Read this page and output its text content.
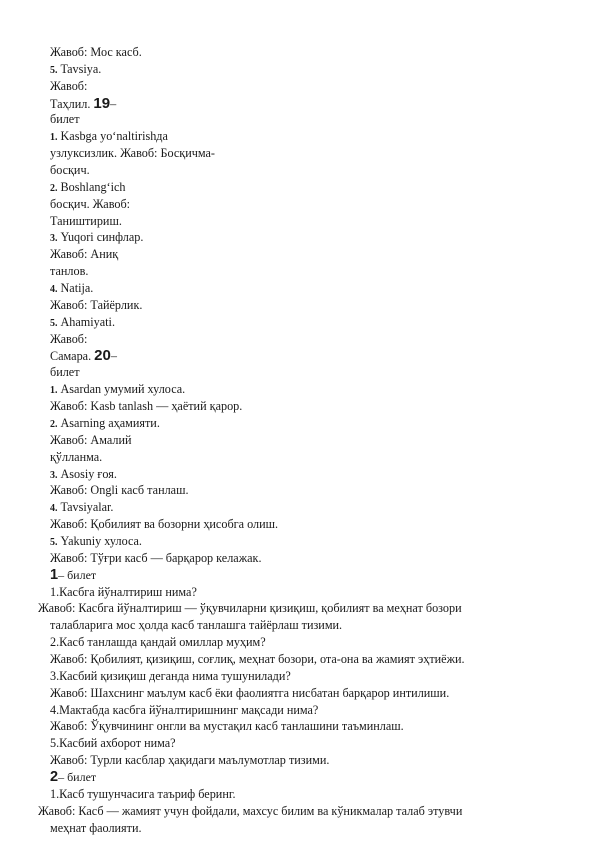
Жавоб: Мос касб.
5. Tavsiya.
Жавоб:
Таҳлил. 19–
билет
1. Kasbga yo‘naltirishда
узлуксизлик. Жавоб: Босқичма-
босқич.
2. Boshlang‘ich
босқич. Жавоб:
Таништириш.
3. Yuqori синфлар.
Жавоб: Аниқ
танлов.
4. Natija.
Жавоб: Тайёрлик.
5. Ahamiyati.
Жавоб:
Самара. 20–
билет
1. Asardan умумий хулоса.
Жавоб: Kasb tanlash — ҳаётий қарор.
2. Asarning аҳамияти.
Жавоб: Амалий
қўлланма.
3. Asosiy ғоя.
Жавоб: Ongli касб танлаш.
4. Tavsiyalar.
Жавоб: Қобилият ва бозорни ҳисобга олиш.
5. Yakuniy хулоса.
Жавоб: Тўғри касб — барқарор келажак.
1– билет
1.Касбга йўналтириш нима?
Жавоб: Касбга йўналтириш — ўқувчиларни қизиқиш, қобилият ва меҳнат бозори
талабларига мос ҳолда касб танлашга тайёрлаш тизими.
2.Касб танлашда қандай омиллар муҳим?
Жавоб: Қобилият, қизиқиш, соғлиқ, меҳнат бозори, ота-она ва жамият эҳтиёжи.
3.Касбий қизиқиш деганда нима тушунилади?
Жавоб: Шахснинг маълум касб ёки фаолиятга нисбатан барқарор интилиши.
4.Мактабда касбга йўналтиришнинг мақсади нима?
Жавоб: Ўқувчининг онгли ва мустақил касб танлашини таъминлаш.
5.Касбий ахборот нима?
Жавоб: Турли касблар ҳақидаги маълумотлар тизими.
2– билет
1.Касб тушунчасига таъриф беринг.
Жавоб: Касб — жамият учун фойдали, махсус билим ва кўникмалар талаб этувчи
меҳнат фаолияти.
